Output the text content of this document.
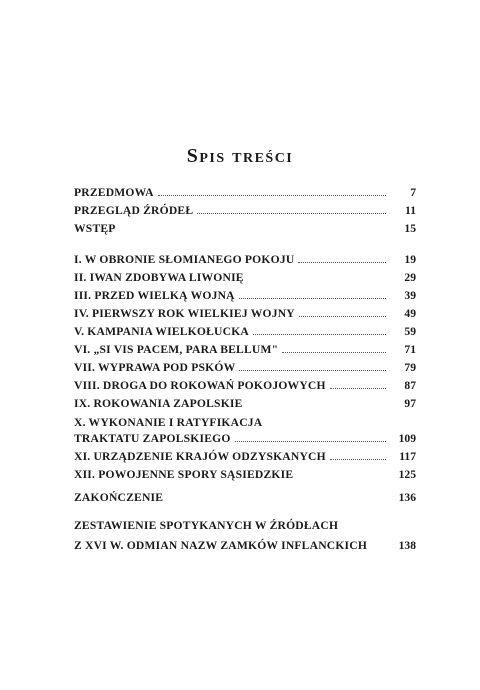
Spis treści
PRZEDMOWA	7
PRZEGLĄD ŹRÓDEŁ	11
WSTĘP	15
I. W OBRONIE SŁOMIANEGO POKOJU	19
II. IWAN ZDOBYWA LIWONIĘ	29
III. PRZED WIELKĄ WOJNĄ	39
IV. PIERWSZY ROK WIELKIEJ WOJNY	49
V. KAMPANIA WIELKOŁUCKA	59
VI. „SI VIS PACEM, PARA BELLUM"	71
VII. WYPRAWA POD PSKÓW	79
VIII. DROGA DO ROKOWAŃ POKOJOWYCH	87
IX. ROKOWANIA ZAPOLSKIE	97
X. WYKONANIE I RATYFIKACJA
TRAKTATU ZAPOLSKIEGO	109
XI. URZĄDZENIE KRAJÓW ODZYSKANYCH	117
XII. POWOJENNE SPORY SĄSIEDZKIE	125
ZAKOŃCZENIE	136
ZESTAWIENIE SPOTYKANYCH W ŹRÓDŁACH
Z XVI W. ODMIAN NAZW ZAMKÓW INFLANCKICH	138
